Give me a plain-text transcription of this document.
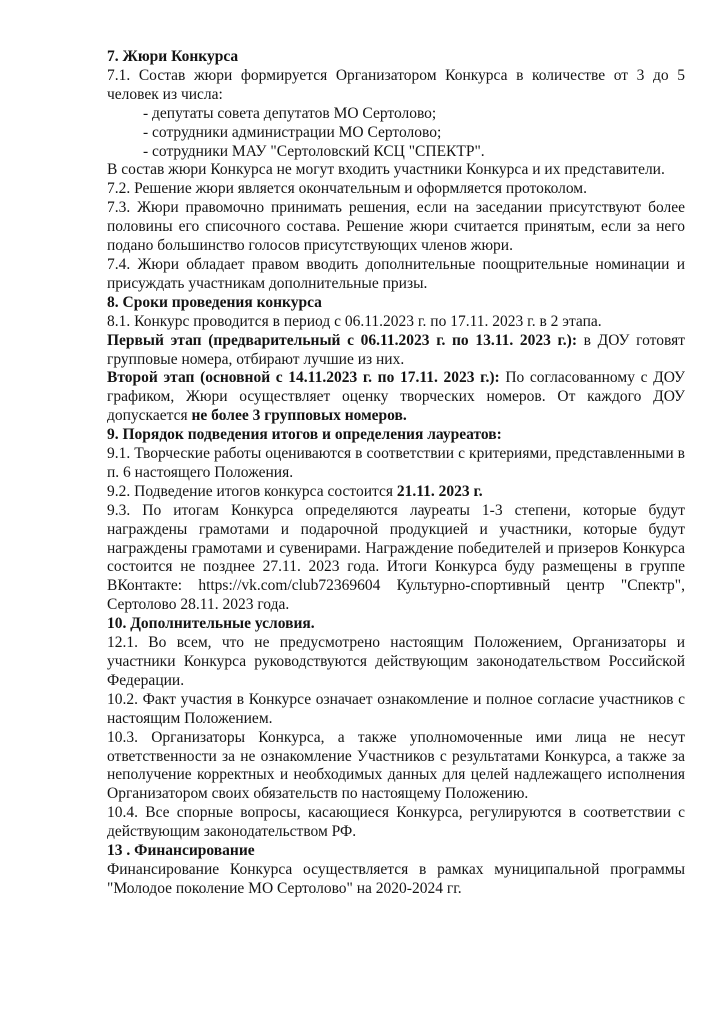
7. Жюри Конкурса

7.1. Состав жюри формируется Организатором Конкурса в количестве от 3 до 5 человек из числа:

- депутаты совета депутатов МО Сертолово;

- сотрудники администрации МО Сертолово;

- сотрудники МАУ "Сертоловский КСЦ "СПЕКТР".

В состав жюри Конкурса не могут входить участники Конкурса и их представители.

7.2. Решение жюри является окончательным и оформляется протоколом.

7.3. Жюри правомочно принимать решения, если на заседании присутствуют более половины его списочного состава. Решение жюри считается принятым, если за него подано большинство голосов присутствующих членов жюри.

7.4. Жюри обладает правом вводить дополнительные поощрительные номинации и присуждать участникам дополнительные призы.

8. Сроки проведения конкурса

8.1. Конкурс проводится в период с 06.11.2023 г. по 17.11. 2023 г. в 2 этапа.

Первый этап (предварительный с 06.11.2023 г. по 13.11. 2023 г.): в ДОУ готовят групповые номера, отбирают лучшие из них.

Второй этап (основной с 14.11.2023 г. по 17.11. 2023 г.): По согласованному с ДОУ графиком, Жюри осуществляет оценку творческих номеров. От каждого ДОУ допускается не более 3 групповых номеров.

9. Порядок подведения итогов и определения лауреатов:

9.1. Творческие работы оцениваются в соответствии с критериями, представленными в п. 6 настоящего Положения.

9.2. Подведение итогов конкурса состоится 21.11. 2023 г.

9.3. По итогам Конкурса определяются лауреаты 1-3 степени, которые будут награждены грамотами и подарочной продукцией и участники, которые будут награждены грамотами и сувенирами. Награждение победителей и призеров Конкурса состоится не позднее 27.11. 2023 года. Итоги Конкурса буду размещены в группе ВКонтакте: https://vk.com/club72369604 Культурно-спортивный центр "Спектр", Сертолово 28.11. 2023 года.

10. Дополнительные условия.

12.1. Во всем, что не предусмотрено настоящим Положением, Организаторы и участники Конкурса руководствуются действующим законодательством Российской Федерации.

10.2. Факт участия в Конкурсе означает ознакомление и полное согласие участников с настоящим Положением.

10.3. Организаторы Конкурса, а также уполномоченные ими лица не несут ответственности за не ознакомление Участников с результатами Конкурса, а также за неполучение корректных и необходимых данных для целей надлежащего исполнения Организатором своих обязательств по настоящему Положению.

10.4. Все спорные вопросы, касающиеся Конкурса, регулируются в соответствии с действующим законодательством РФ.

13 . Финансирование

Финансирование Конкурса осуществляется в рамках муниципальной программы "Молодое поколение МО Сертолово" на 2020-2024 гг.
